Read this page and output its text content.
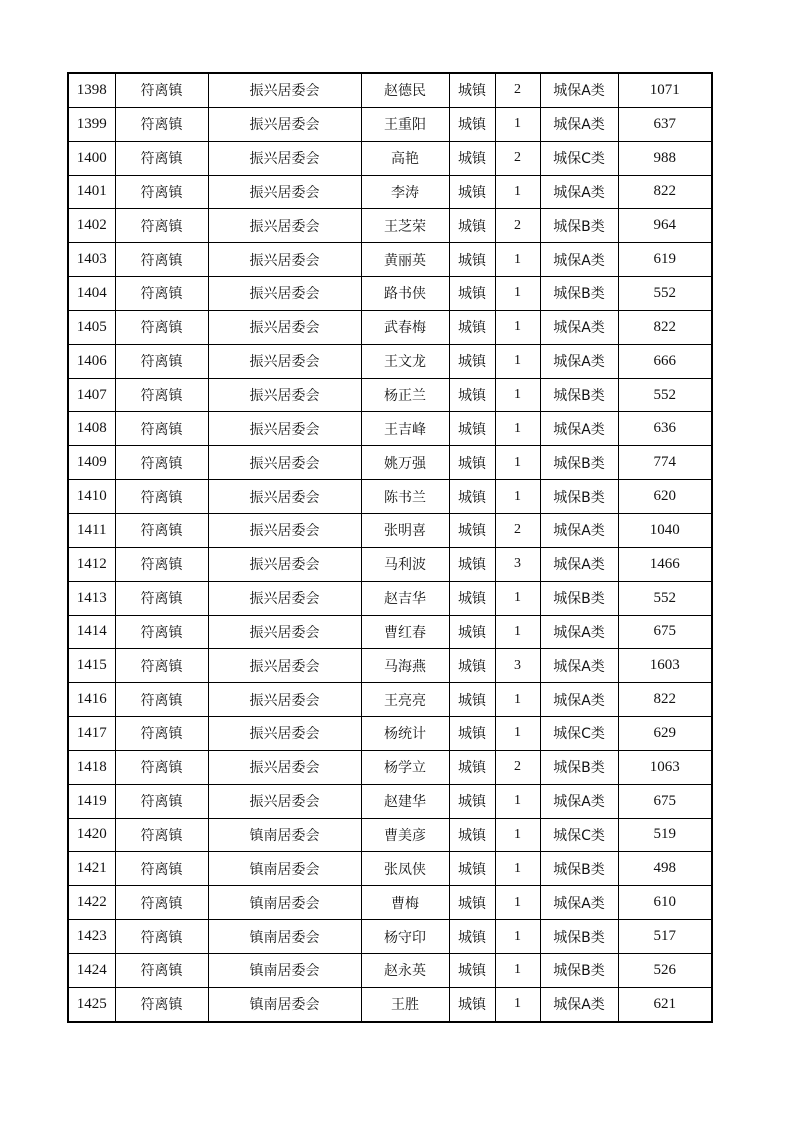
1398	符离镇	振兴居委会	赵德民	城镇	2	城保A类	1071
1399	符离镇	振兴居委会	王重阳	城镇	1	城保A类	637
1400	符离镇	振兴居委会	高艳	城镇	2	城保C类	988
1401	符离镇	振兴居委会	李涛	城镇	1	城保A类	822
1402	符离镇	振兴居委会	王芝荣	城镇	2	城保B类	964
1403	符离镇	振兴居委会	黄丽英	城镇	1	城保A类	619
1404	符离镇	振兴居委会	路书侠	城镇	1	城保B类	552
1405	符离镇	振兴居委会	武春梅	城镇	1	城保A类	822
1406	符离镇	振兴居委会	王文龙	城镇	1	城保A类	666
1407	符离镇	振兴居委会	杨正兰	城镇	1	城保B类	552
1408	符离镇	振兴居委会	王吉峰	城镇	1	城保A类	636
1409	符离镇	振兴居委会	姚万强	城镇	1	城保B类	774
1410	符离镇	振兴居委会	陈书兰	城镇	1	城保B类	620
1411	符离镇	振兴居委会	张明喜	城镇	2	城保A类	1040
1412	符离镇	振兴居委会	马利波	城镇	3	城保A类	1466
1413	符离镇	振兴居委会	赵吉华	城镇	1	城保B类	552
1414	符离镇	振兴居委会	曹红春	城镇	1	城保A类	675
1415	符离镇	振兴居委会	马海燕	城镇	3	城保A类	1603
1416	符离镇	振兴居委会	王亮亮	城镇	1	城保A类	822
1417	符离镇	振兴居委会	杨统计	城镇	1	城保C类	629
1418	符离镇	振兴居委会	杨学立	城镇	2	城保B类	1063
1419	符离镇	振兴居委会	赵建华	城镇	1	城保A类	675
1420	符离镇	镇南居委会	曹美彦	城镇	1	城保C类	519
1421	符离镇	镇南居委会	张凤侠	城镇	1	城保B类	498
1422	符离镇	镇南居委会	曹梅	城镇	1	城保A类	610
1423	符离镇	镇南居委会	杨守印	城镇	1	城保B类	517
1424	符离镇	镇南居委会	赵永英	城镇	1	城保B类	526
1425	符离镇	镇南居委会	王胜	城镇	1	城保A类	621
